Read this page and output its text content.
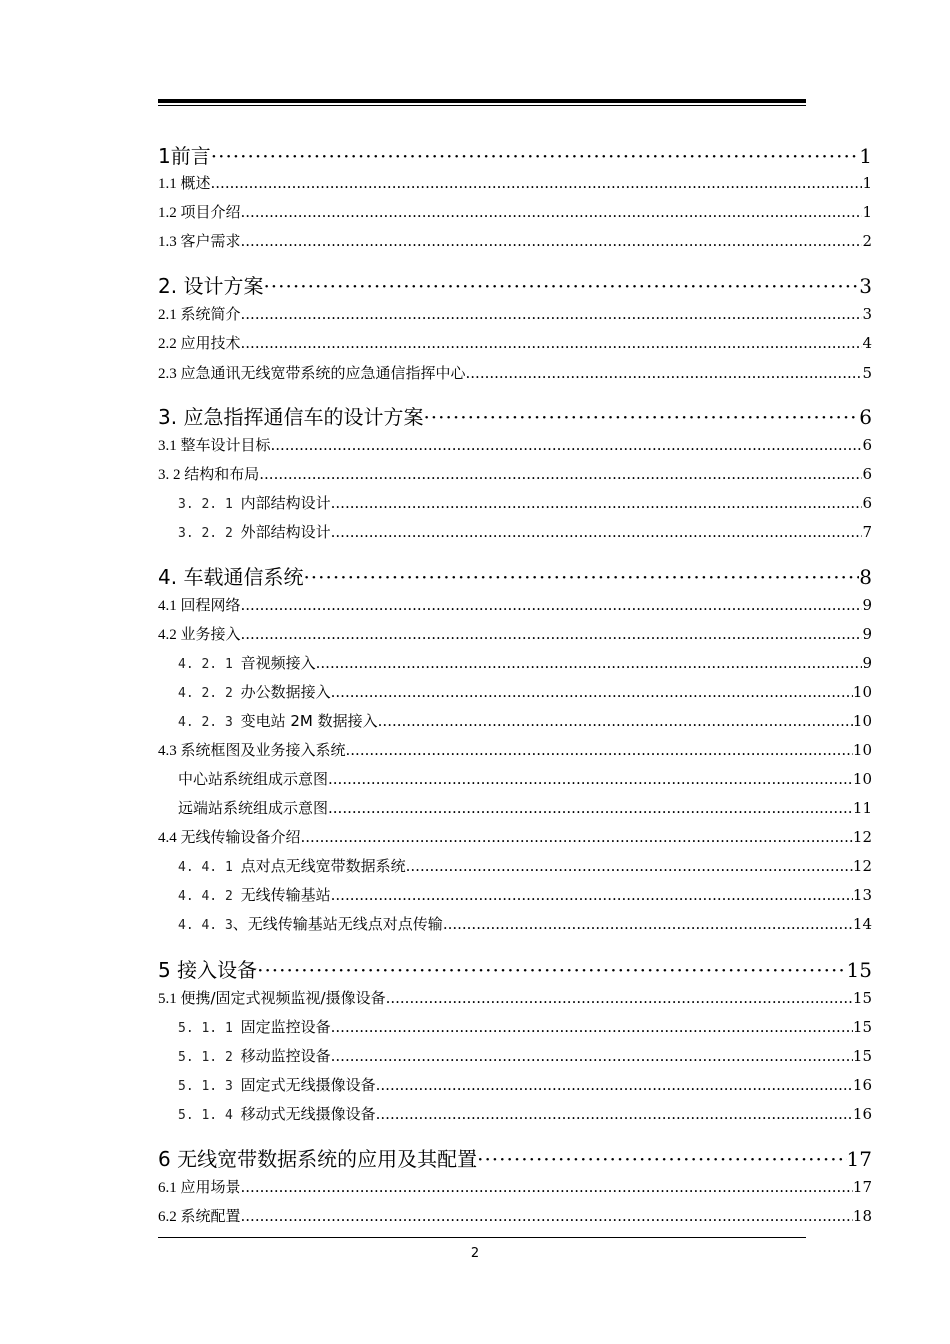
1前言 ·····	1
1.1 概述 .....	1
1.2 项目介绍 .....	1
1.3 客户需求 .....	2
2. 设计方案 ·····	3
2.1 系统简介 .....	3
2.2 应用技术 .....	4
2.3 应急通讯无线宽带系统的应急通信指挥中心 .....	5
3. 应急指挥通信车的设计方案 ·····	6
3.1 整车设计目标 .....	6
3. 2 结构和布局 .....	6
3. 2. 1 内部结构设计 .....	6
3. 2. 2 外部结构设计 .....	7
4. 车载通信系统 ·····	8
4.1 回程网络 .....	9
4.2 业务接入 .....	9
4. 2. 1 音视频接入 .....	9
4. 2. 2 办公数据接入 .....	10
4. 2. 3 变电站 2M 数据接入 .....	10
4.3 系统框图及业务接入系统 .....	10
中心站系统组成示意图 .....	10
远端站系统组成示意图 .....	11
4.4 无线传输设备介绍 .....	12
4. 4. 1 点对点无线宽带数据系统 .....	12
4. 4. 2 无线传输基站 .....	13
4. 4. 3、无线传输基站无线点对点传输 .....	14
5 接入设备 ·····	15
5.1 便携/固定式视频监视/摄像设备 .....	15
5. 1. 1 固定监控设备 .....	15
5. 1. 2 移动监控设备 .....	15
5. 1. 3 固定式无线摄像设备 .....	16
5. 1. 4 移动式无线摄像设备 .....	16
6 无线宽带数据系统的应用及其配置 ·····	17
6.1 应用场景 .....	17
6.2 系统配置 .....	18
2
